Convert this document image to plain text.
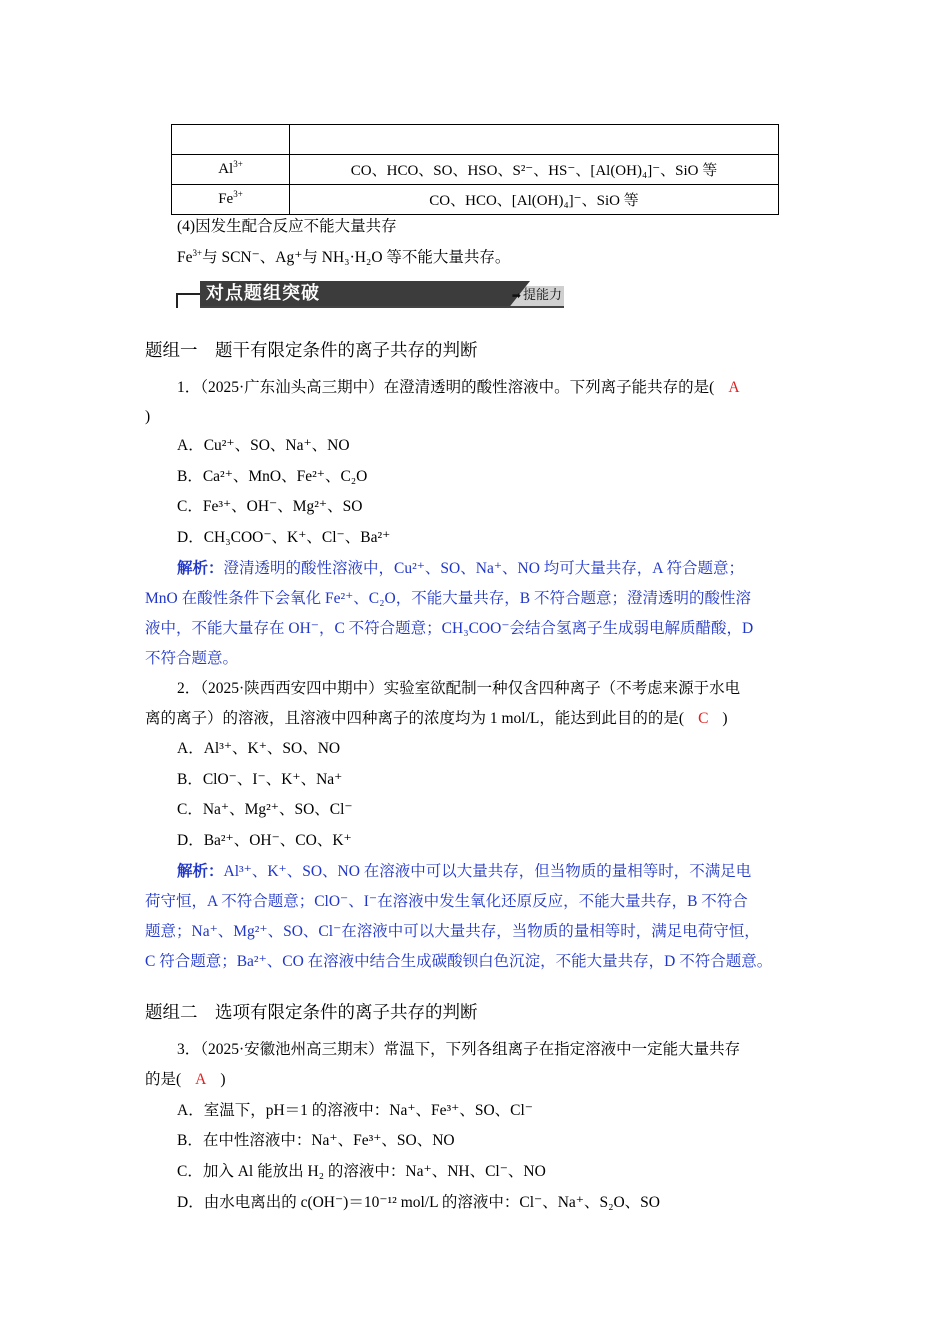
$Al^{3+}$	CO、HCO、SO、HSO、S²⁻、HS⁻、[Al(OH)₄]⁻、SiO 等
$Fe^{3+}$	CO、HCO、[Al(OH)₄]⁻、SiO 等
(4)因发生配合反应不能大量共存
$Fe^{3+}$与 SCN⁻、Ag⁺与 NH₃·H₂O 等不能大量共存。
对点题组突破	➡ 提能力
题组一　题干有限定条件的离子共存的判断
1．（2025·广东汕头高三期中）在澄清透明的酸性溶液中。下列离子能共存的是( A
)
A．Cu²⁺、SO、Na⁺、NO
B．Ca²⁺、MnO、Fe²⁺、C₂O
C．Fe³⁺、OH⁻、Mg²⁺、SO
D．CH₃COO⁻、K⁺、Cl⁻、Ba²⁺
解析：澄清透明的酸性溶液中，Cu²⁺、SO、Na⁺、NO 均可大量共存，A 符合题意；
MnO 在酸性条件下会氧化 Fe²⁺、C₂O，不能大量共存，B 不符合题意；澄清透明的酸性溶
液中，不能大量存在 OH⁻，C 不符合题意；CH₃COO⁻会结合氢离子生成弱电解质醋酸，D
不符合题意。
2．（2025·陕西西安四中期中）实验室欲配制一种仅含四种离子（不考虑来源于水电
离的离子）的溶液，且溶液中四种离子的浓度均为 1 mol/L，能达到此目的的是( C )
A．Al³⁺、K⁺、SO、NO
B．ClO⁻、I⁻、K⁺、Na⁺
C．Na⁺、Mg²⁺、SO、Cl⁻
D．Ba²⁺、OH⁻、CO、K⁺
解析：Al³⁺、K⁺、SO、NO 在溶液中可以大量共存，但当物质的量相等时，不满足电
荷守恒，A 不符合题意；ClO⁻、I⁻在溶液中发生氧化还原反应，不能大量共存，B 不符合
题意；Na⁺、Mg²⁺、SO、Cl⁻在溶液中可以大量共存，当物质的量相等时，满足电荷守恒，
C 符合题意；Ba²⁺、CO 在溶液中结合生成碳酸钡白色沉淀，不能大量共存，D 不符合题意。
题组二　选项有限定条件的离子共存的判断
3．（2025·安徽池州高三期末）常温下，下列各组离子在指定溶液中一定能大量共存
的是( A )
A．室温下，pH＝1 的溶液中：Na⁺、Fe³⁺、SO、Cl⁻
B．在中性溶液中：Na⁺、Fe³⁺、SO、NO
C．加入 Al 能放出 H₂ 的溶液中：Na⁺、NH、Cl⁻、NO
D．由水电离出的 c(OH⁻)＝10⁻¹² mol/L 的溶液中：Cl⁻、Na⁺、S₂O、SO
